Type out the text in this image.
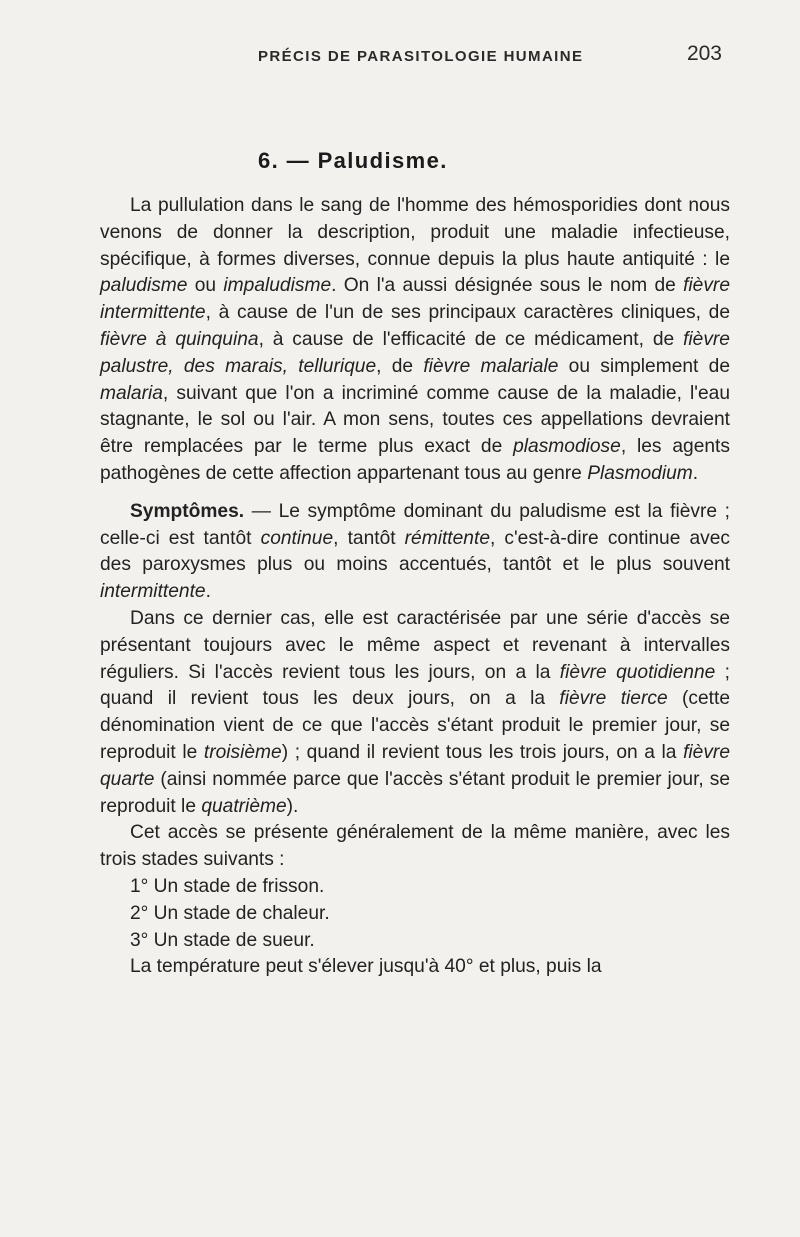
PRÉCIS DE PARASITOLOGIE HUMAINE	203
6. — Paludisme.

La pullulation dans le sang de l'homme des hémosporidies dont nous venons de donner la description, produit une maladie infectieuse, spécifique, à formes diverses, connue depuis la plus haute antiquité : le paludisme ou impaludisme. On l'a aussi désignée sous le nom de fièvre intermittente, à cause de l'un de ses principaux caractères cliniques, de fièvre à quinquina, à cause de l'efficacité de ce médicament, de fièvre palustre, des marais, tellurique, de fièvre malariale ou simplement de malaria, suivant que l'on a incriminé comme cause de la maladie, l'eau stagnante, le sol ou l'air. A mon sens, toutes ces appellations devraient être remplacées par le terme plus exact de plasmodiose, les agents pathogènes de cette affection appartenant tous au genre Plasmodium.

Symptômes. — Le symptôme dominant du paludisme est la fièvre ; celle-ci est tantôt continue, tantôt rémittente, c'est-à-dire continue avec des paroxysmes plus ou moins accentués, tantôt et le plus souvent intermittente.

Dans ce dernier cas, elle est caractérisée par une série d'accès se présentant toujours avec le même aspect et revenant à intervalles réguliers. Si l'accès revient tous les jours, on a la fièvre quotidienne ; quand il revient tous les deux jours, on a la fièvre tierce (cette dénomination vient de ce que l'accès s'étant produit le premier jour, se reproduit le troisième) ; quand il revient tous les trois jours, on a la fièvre quarte (ainsi nommée parce que l'accès s'étant produit le premier jour, se reproduit le quatrième).

Cet accès se présente généralement de la même manière, avec les trois stades suivants :

1° Un stade de frisson.

2° Un stade de chaleur.

3° Un stade de sueur.

La température peut s'élever jusqu'à 40° et plus, puis la
